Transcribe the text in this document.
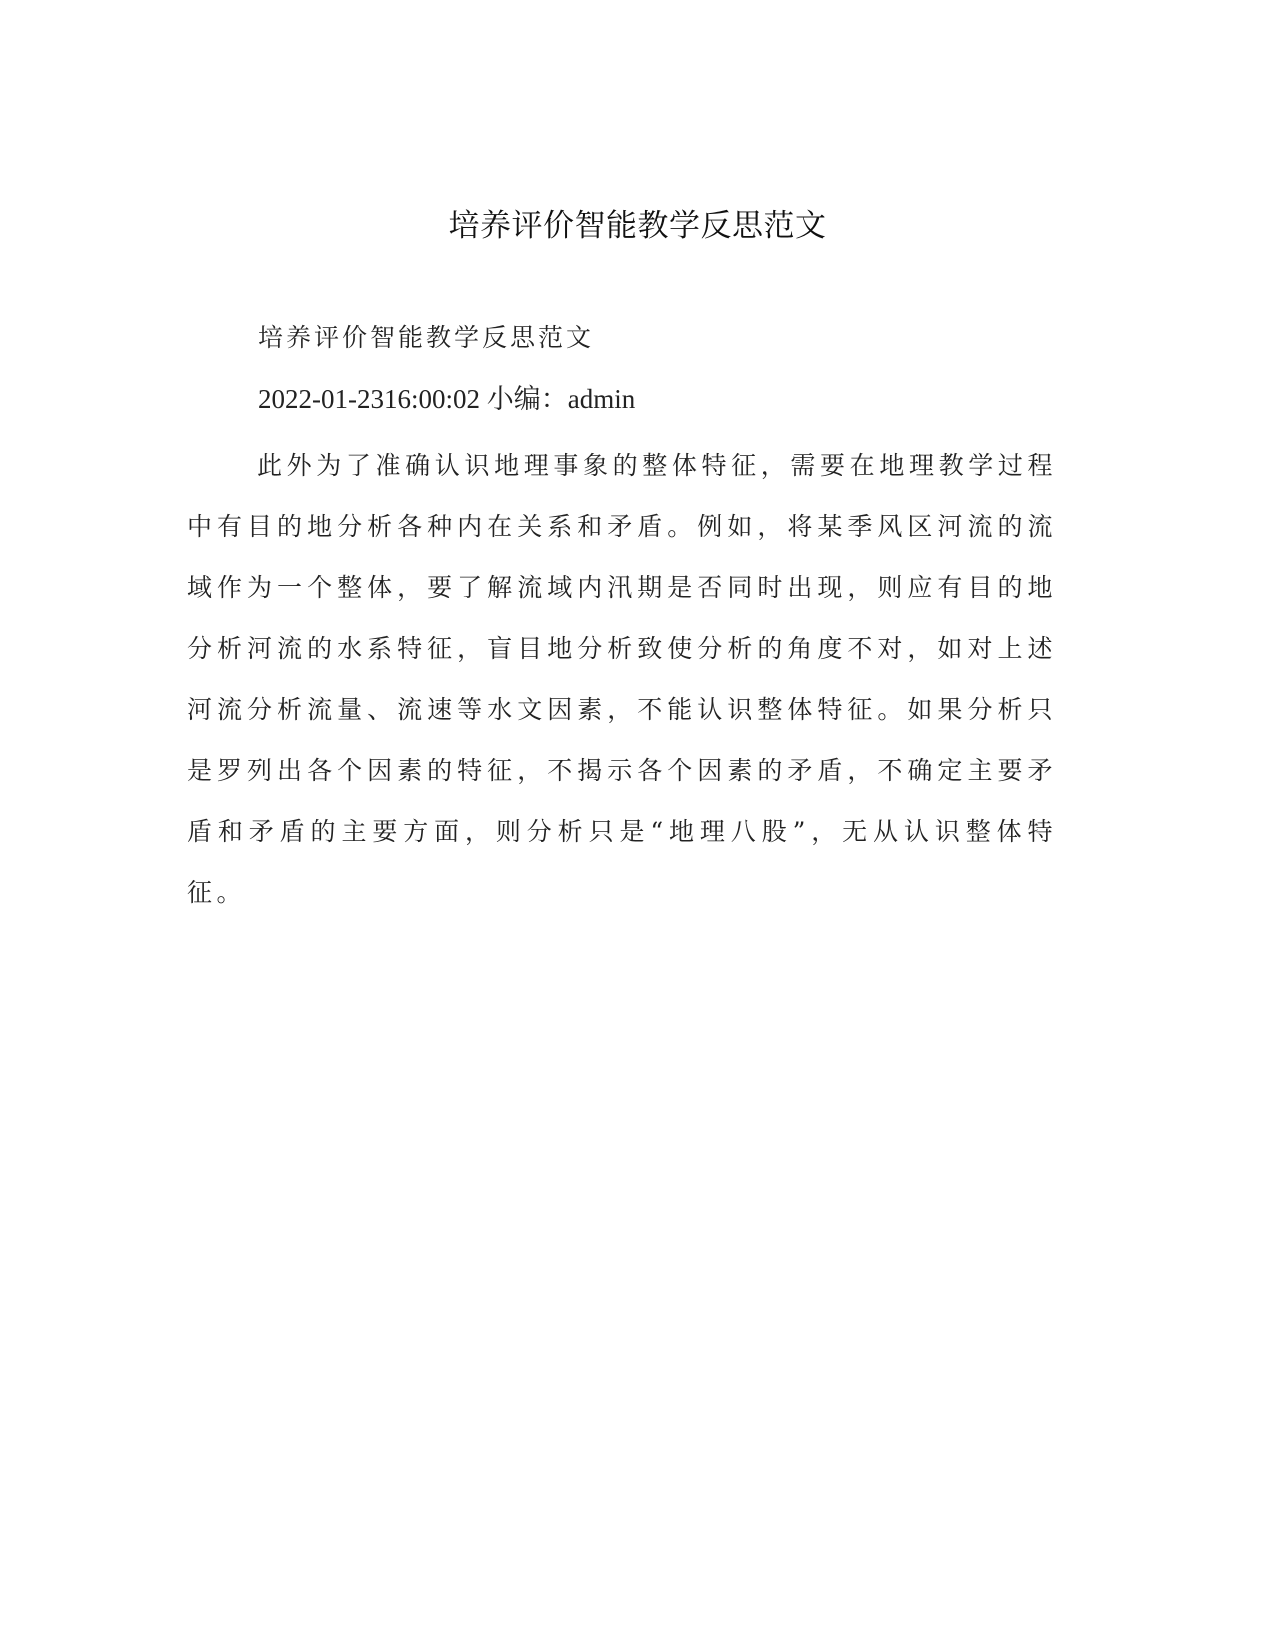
培养评价智能教学反思范文
培养评价智能教学反思范文
2022-01-2316:00:02 小编：admin

此外为了准确认识地理事象的整体特征，需要在地理教学过程中有目的地分析各种内在关系和矛盾。例如，将某季风区河流的流域作为一个整体，要了解流域内汛期是否同时出现，则应有目的地分析河流的水系特征，盲目地分析致使分析的角度不对，如对上述河流分析流量、流速等水文因素，不能认识整体特征。如果分析只是罗列出各个因素的特征，不揭示各个因素的矛盾，不确定主要矛盾和矛盾的主要方面，则分析只是“地理八股”，无从认识整体特征。
